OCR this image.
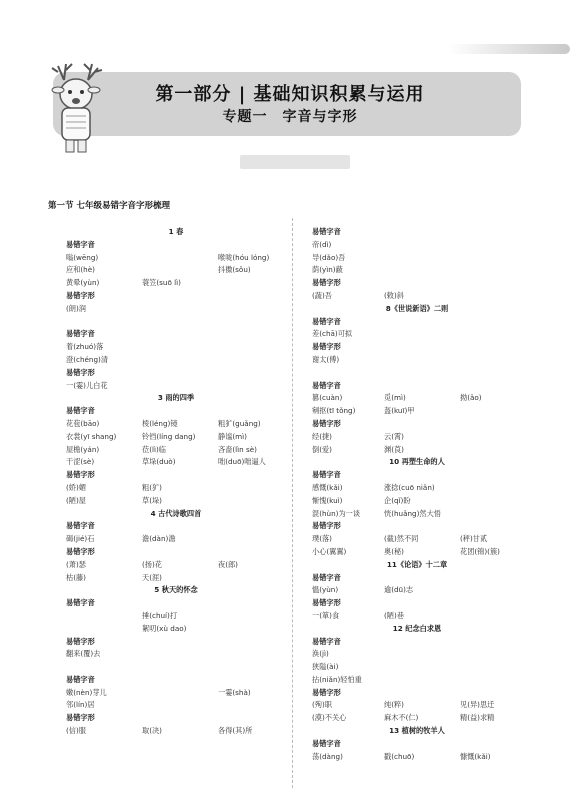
第一部分 | 基础知识积累与运用
专题一　字音与字形
第一节 七年级易错字音字形梳理
1 春
易错字音
嗡(wēng)	喉咙(hóu lóng)
应和(hè)	抖擞(sǒu)
黄晕(yùn)	蓑笠(suō lì)
易错字形
(朗)润
易错字音
着(zhuó)落
澄(chéng)清
易错字形
一(霎)儿白花
3 雨的四季
易错字音
花苞(bāo)	棱(léng)镜	粗犷(guǎng)
衣裳(yī shang)	铃铛(líng dang)	静谧(mì)
屋檐(yán)	莅(lì)临	吝啬(lìn sè)
干涩(sè)	草垛(duò)	咄(duō)咄逼人
易错字形
(娇)媚	粗(犷)
(陋)屋	草(垛)
4 古代诗歌四首
易错字音
碣(jié)石	澹(dàn)澹
易错字形
(萧)瑟	(扬)花	夜(郎)
枯(藤)	天(涯)
5 秋天的怀念
易错字音
捶(chuí)打
絮叨(xù dao)
易错字形
翻来(覆)去
易错字音
嫩(nèn)芽儿	一霎(shà)
邻(lín)居
易错字形
(信)服	取(决)	各得(其)所
易错字音
帝(dì)
导(dǎo)吾
荫(yìn)蔽
易错字形
(蔬)吾	(敕)斜
8《世说新语》二则
易错字音
差(chā)可拟
易错字形
谢太(傅)
易错字音
篡(cuàn)	觅(mì)	拗(ǎo)
剜抠(tī tǒng)	盔(kuī)甲
易错字形
经(捷)	云(霄)
倒(爱)	渊(莨)
10 再塑生命的人
易错字音
感慨(kǎi)	涨捻(cuō niǎn)
惭愧(kuì)	企(qǐ)盼
混(hùn)为一谈	恍(huǎng)然大悟
易错字形
璞(落)	(截)然不同	(秤)甘贰
小心(翼翼)	奥(秘)	花团(锦)(簇)
11《论语》十二章
易错字音
愠(yùn)	逾(dū)志
易错字形
一(箪)食	(陋)巷
12 纪念白求恩
易错字音
涣(jì)
狭隘(ài)
拈(niǎn)轻怕重
易错字形
(殉)职	纯(粹)	见(异)思迁
(漠)不关心	麻木不(仁)	精(益)求精
13 植树的牧羊人
易错字音
荡(dàng)	戳(chuō)	慷慨(kǎi)
